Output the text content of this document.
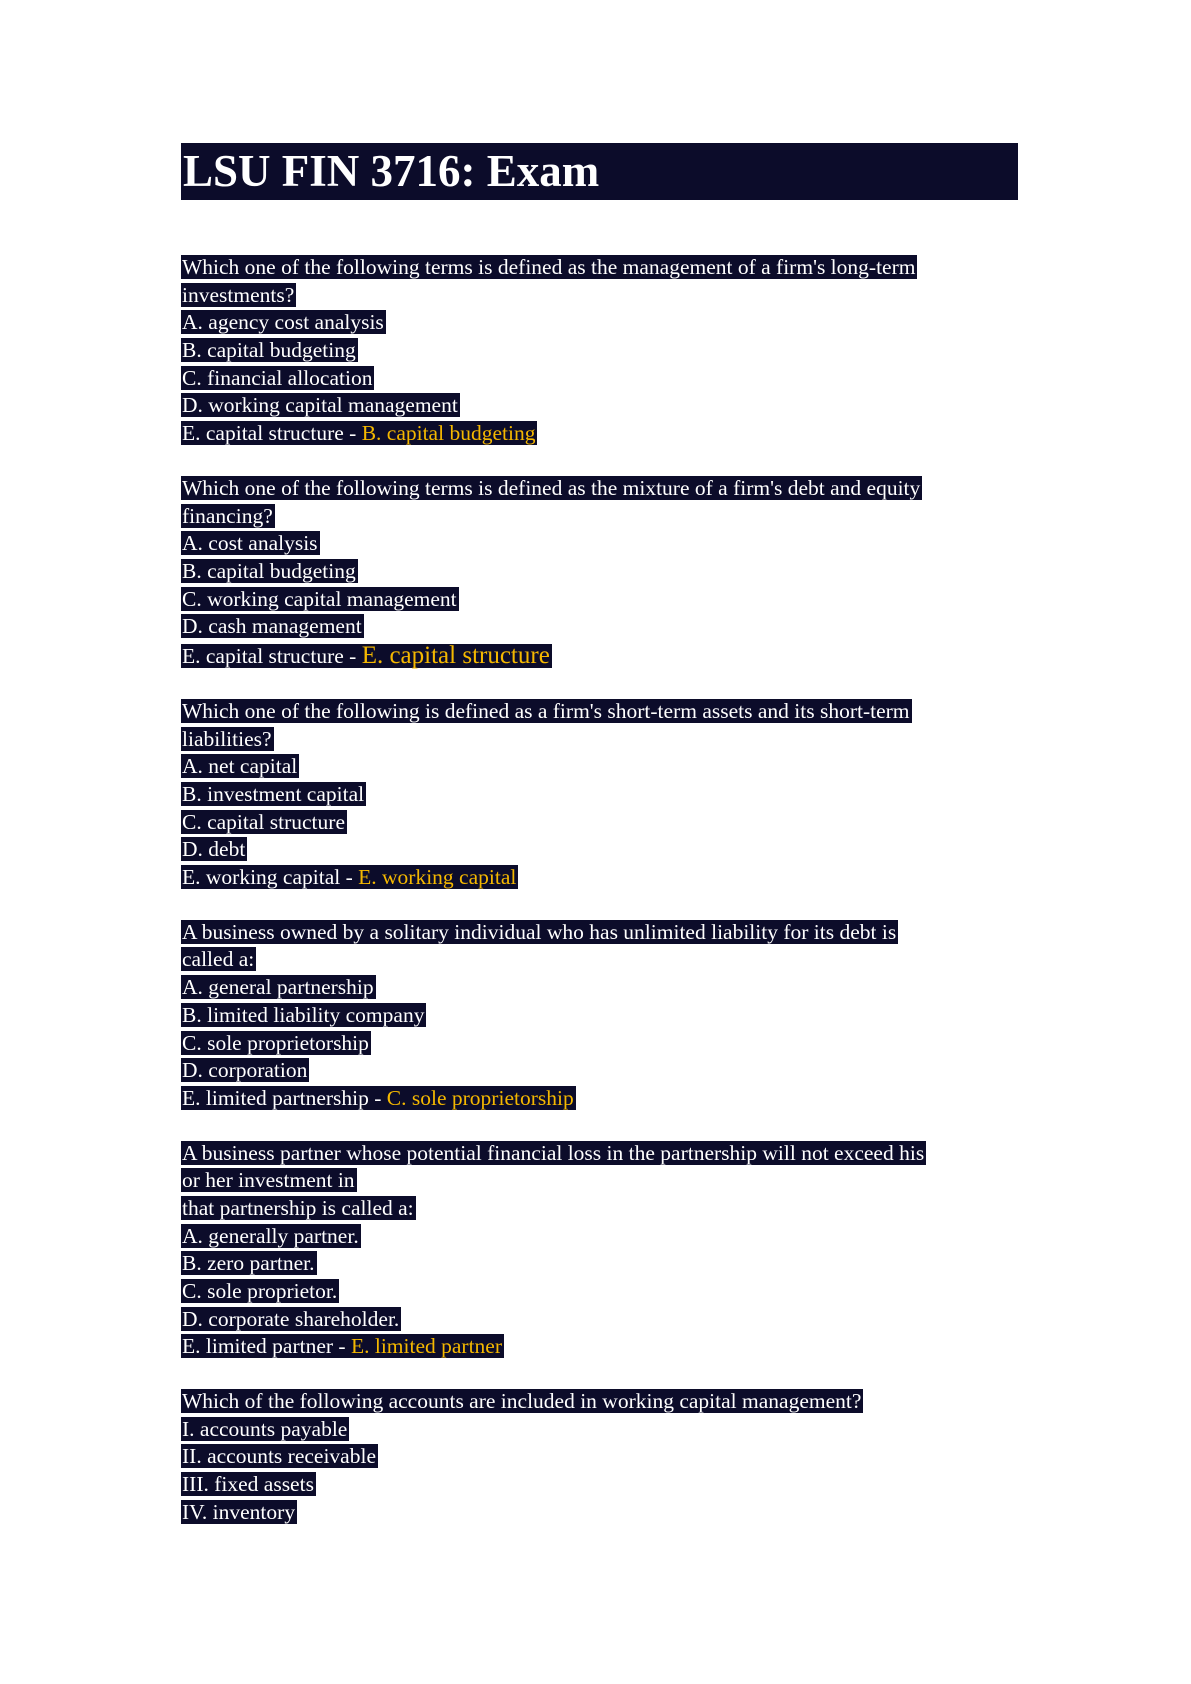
LSU FIN 3716: Exam
Which one of the following terms is defined as the management of a firm's long-term
investments?
A. agency cost analysis
B. capital budgeting
C. financial allocation
D. working capital management
E. capital structure - B. capital budgeting
Which one of the following terms is defined as the mixture of a firm's debt and equity
financing?
A. cost analysis
B. capital budgeting
C. working capital management
D. cash management
E. capital structure - E. capital structure
Which one of the following is defined as a firm's short-term assets and its short-term
liabilities?
A. net capital
B. investment capital
C. capital structure
D. debt
E. working capital - E. working capital
A business owned by a solitary individual who has unlimited liability for its debt is
called a:
A. general partnership
B. limited liability company
C. sole proprietorship
D. corporation
E. limited partnership - C. sole proprietorship
A business partner whose potential financial loss in the partnership will not exceed his
or her investment in
that partnership is called a:
A. generally partner.
B. zero partner.
C. sole proprietor.
D. corporate shareholder.
E. limited partner - E. limited partner
Which of the following accounts are included in working capital management?
I. accounts payable
II. accounts receivable
III. fixed assets
IV. inventory
